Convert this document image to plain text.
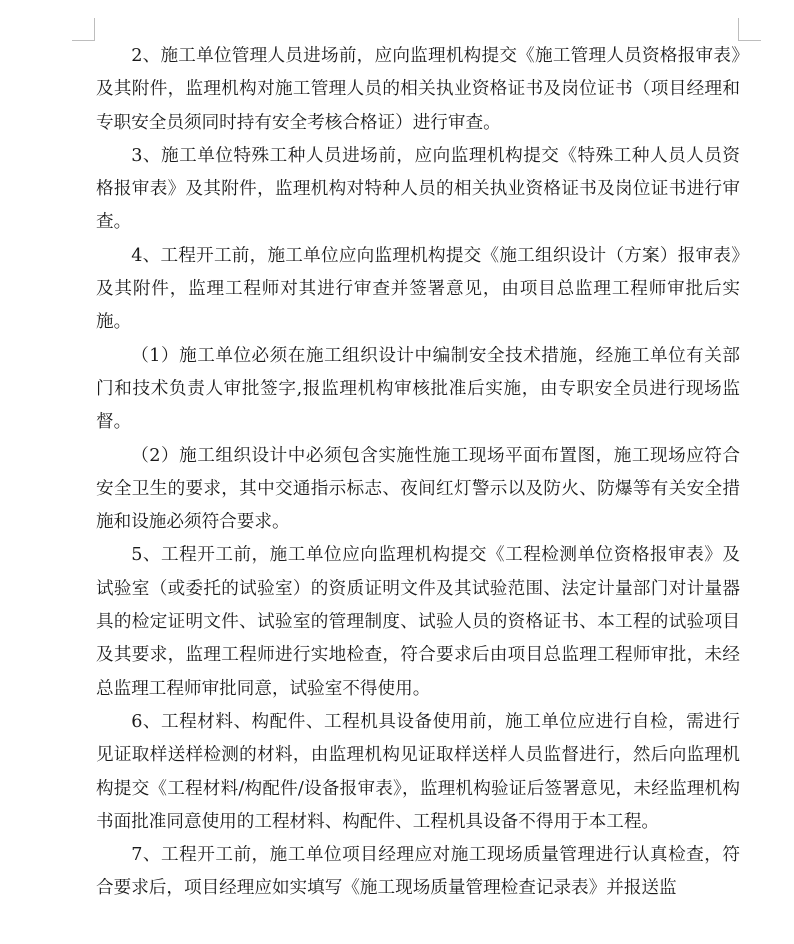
2、施工单位管理人员进场前，应向监理机构提交《施工管理人员资格报审表》及其附件，监理机构对施工管理人员的相关执业资格证书及岗位证书（项目经理和专职安全员须同时持有安全考核合格证）进行审查。

3、施工单位特殊工种人员进场前，应向监理机构提交《特殊工种人员人员资格报审表》及其附件，监理机构对特种人员的相关执业资格证书及岗位证书进行审查。

4、工程开工前，施工单位应向监理机构提交《施工组织设计（方案）报审表》及其附件，监理工程师对其进行审查并签署意见，由项目总监理工程师审批后实施。

（1）施工单位必须在施工组织设计中编制安全技术措施，经施工单位有关部门和技术负责人审批签字,报监理机构审核批准后实施，由专职安全员进行现场监督。

（2）施工组织设计中必须包含实施性施工现场平面布置图，施工现场应符合安全卫生的要求，其中交通指示标志、夜间红灯警示以及防火、防爆等有关安全措施和设施必须符合要求。

5、工程开工前，施工单位应向监理机构提交《工程检测单位资格报审表》及试验室（或委托的试验室）的资质证明文件及其试验范围、法定计量部门对计量器具的检定证明文件、试验室的管理制度、试验人员的资格证书、本工程的试验项目及其要求，监理工程师进行实地检查，符合要求后由项目总监理工程师审批，未经总监理工程师审批同意，试验室不得使用。

6、工程材料、构配件、工程机具设备使用前，施工单位应进行自检，需进行见证取样送样检测的材料，由监理机构见证取样送样人员监督进行，然后向监理机构提交《工程材料/构配件/设备报审表》，监理机构验证后签署意见，未经监理机构书面批准同意使用的工程材料、构配件、工程机具设备不得用于本工程。

7、工程开工前，施工单位项目经理应对施工现场质量管理进行认真检查，符合要求后，项目经理应如实填写《施工现场质量管理检查记录表》并报送监
